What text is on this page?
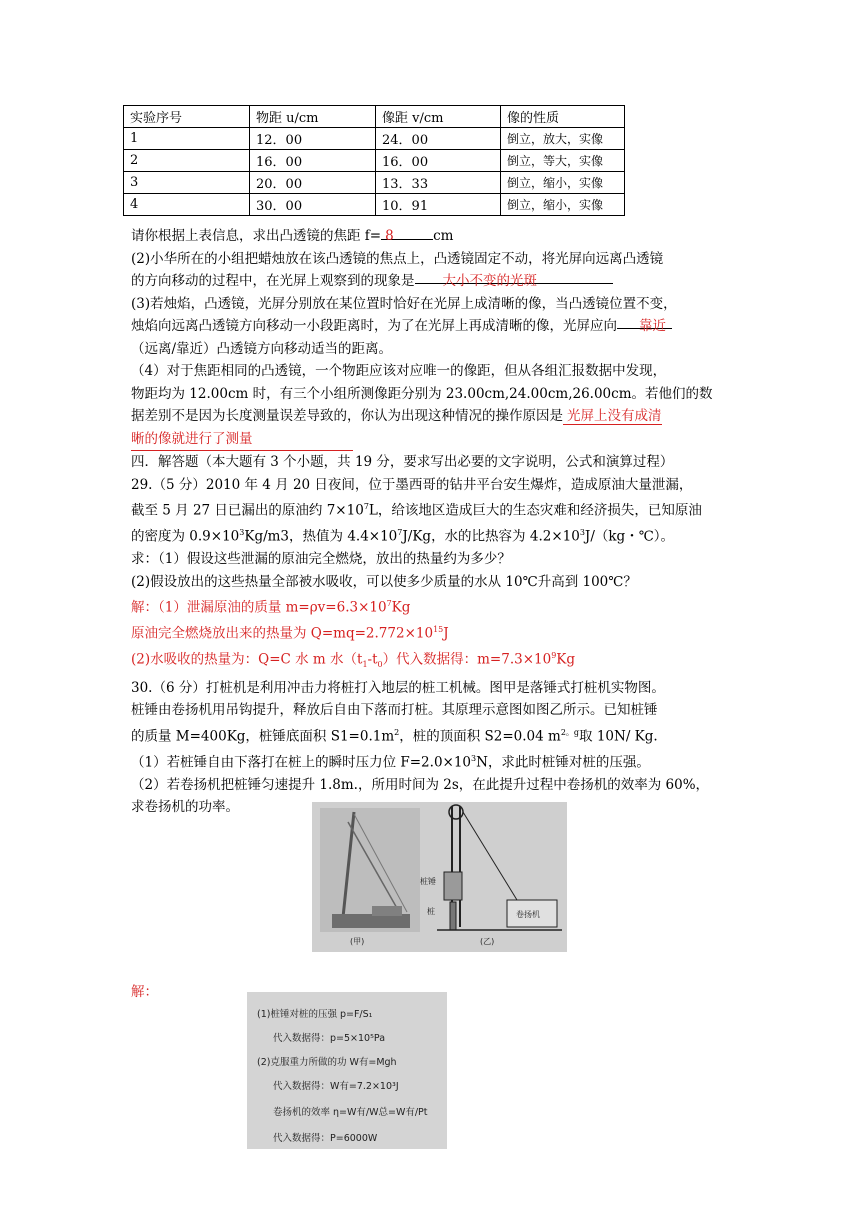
实验序号	物距 u/cm	像距 v/cm	像的性质
1	12．00	24．00	倒立，放大，实像
2	16．00	16．00	倒立，等大，实像
3	20．00	13．33	倒立，缩小，实像
4	30．00	10．91	倒立，缩小，实像
请你根据上表信息，求出凸透镜的焦距 f= 8	cm
(2)小华所在的小组把蜡烛放在该凸透镜的焦点上，凸透镜固定不动，将光屏向远离凸透镜
的方向移动的过程中，在光屏上观察到的现象是 大小不变的光斑
(3)若烛焰，凸透镜，光屏分别放在某位置时恰好在光屏上成清晰的像，当凸透镜位置不变，
烛焰向远离凸透镜方向移动一小段距离时，为了在光屏上再成清晰的像，光屏应向 靠近
（远离/靠近）凸透镜方向移动适当的距离。
（4）对于焦距相同的凸透镜，一个物距应该对应唯一的像距，但从各组汇报数据中发现，
物距均为 12.00cm 时，有三个小组所测像距分别为 23.00cm,24.00cm,26.00cm。若他们的数
据差别不是因为长度测量误差导致的，你认为出现这种情况的操作原因是 光屏上没有成清
晰的像就进行了测量
四．解答题（本大题有 3 个小题，共 19 分，要求写出必要的文字说明，公式和演算过程）
29.（5 分）2010 年 4 月 20 日夜间，位于墨西哥的钻井平台安生爆炸，造成原油大量泄漏，
截至 5 月 27 日已漏出的原油约 $7\times 10^7L$，给该地区造成巨大的生态灾难和经济损失，已知原油
的密度为 $0.9\times 10^3Kg/m3$，热值为 $4.4\times 10^7J/Kg$，水的比热容为 $4.2\times 10^3J/(kg$・℃）。
求：（1）假设这些泄漏的原油完全燃烧，放出的热量约为多少？
(2)假设放出的这些热量全部被水吸收，可以使多少质量的水从 10℃升高到 100℃？
解：（1）泄漏原油的质量 $m=\rho v=6.3\times 10^7Kg$
原油完全燃烧放出来的热量为 $Q=mq=2.772\times 10^{15}J$
(2)水吸收的热量为：Q=C 水 m 水$(t_1-t_0)$代入数据得：$m=7.3\times 10^9Kg$
30.（6 分）打桩机是利用冲击力将桩打入地层的桩工机械。图甲是落锤式打桩机实物图。
桩锤由卷扬机用吊钩提升，释放后自由下落而打桩。其原理示意图如图乙所示。已知桩锤
的质量 M=400Kg，桩锤底面积 $S1=0.1m^2$，桩的顶面积 S2=0.04 $m^{2。g}$取 10N/ Kg.
（1）若桩锤自由下落打在桩上的瞬时压力位 $F=2.0\times 10^3N$，求此时桩锤对桩的压强。
（2）若卷扬机把桩锤匀速提升 1.8m.，所用时间为 2s，在此提升过程中卷扬机的效率为 60%，
求卷扬机的功率。
桩锤
桩	卷扬机
(甲)	(乙)
解：
(1)桩锤对桩的压强 p=F/S₁
代入数据得：p=5×10⁵Pa
(2)克服重力所做的功 W有=Mgh
代入数据得：W有=7.2×10³J
卷扬机的效率 η=W有/W总=W有/Pt
代入数据得：P=6000W
